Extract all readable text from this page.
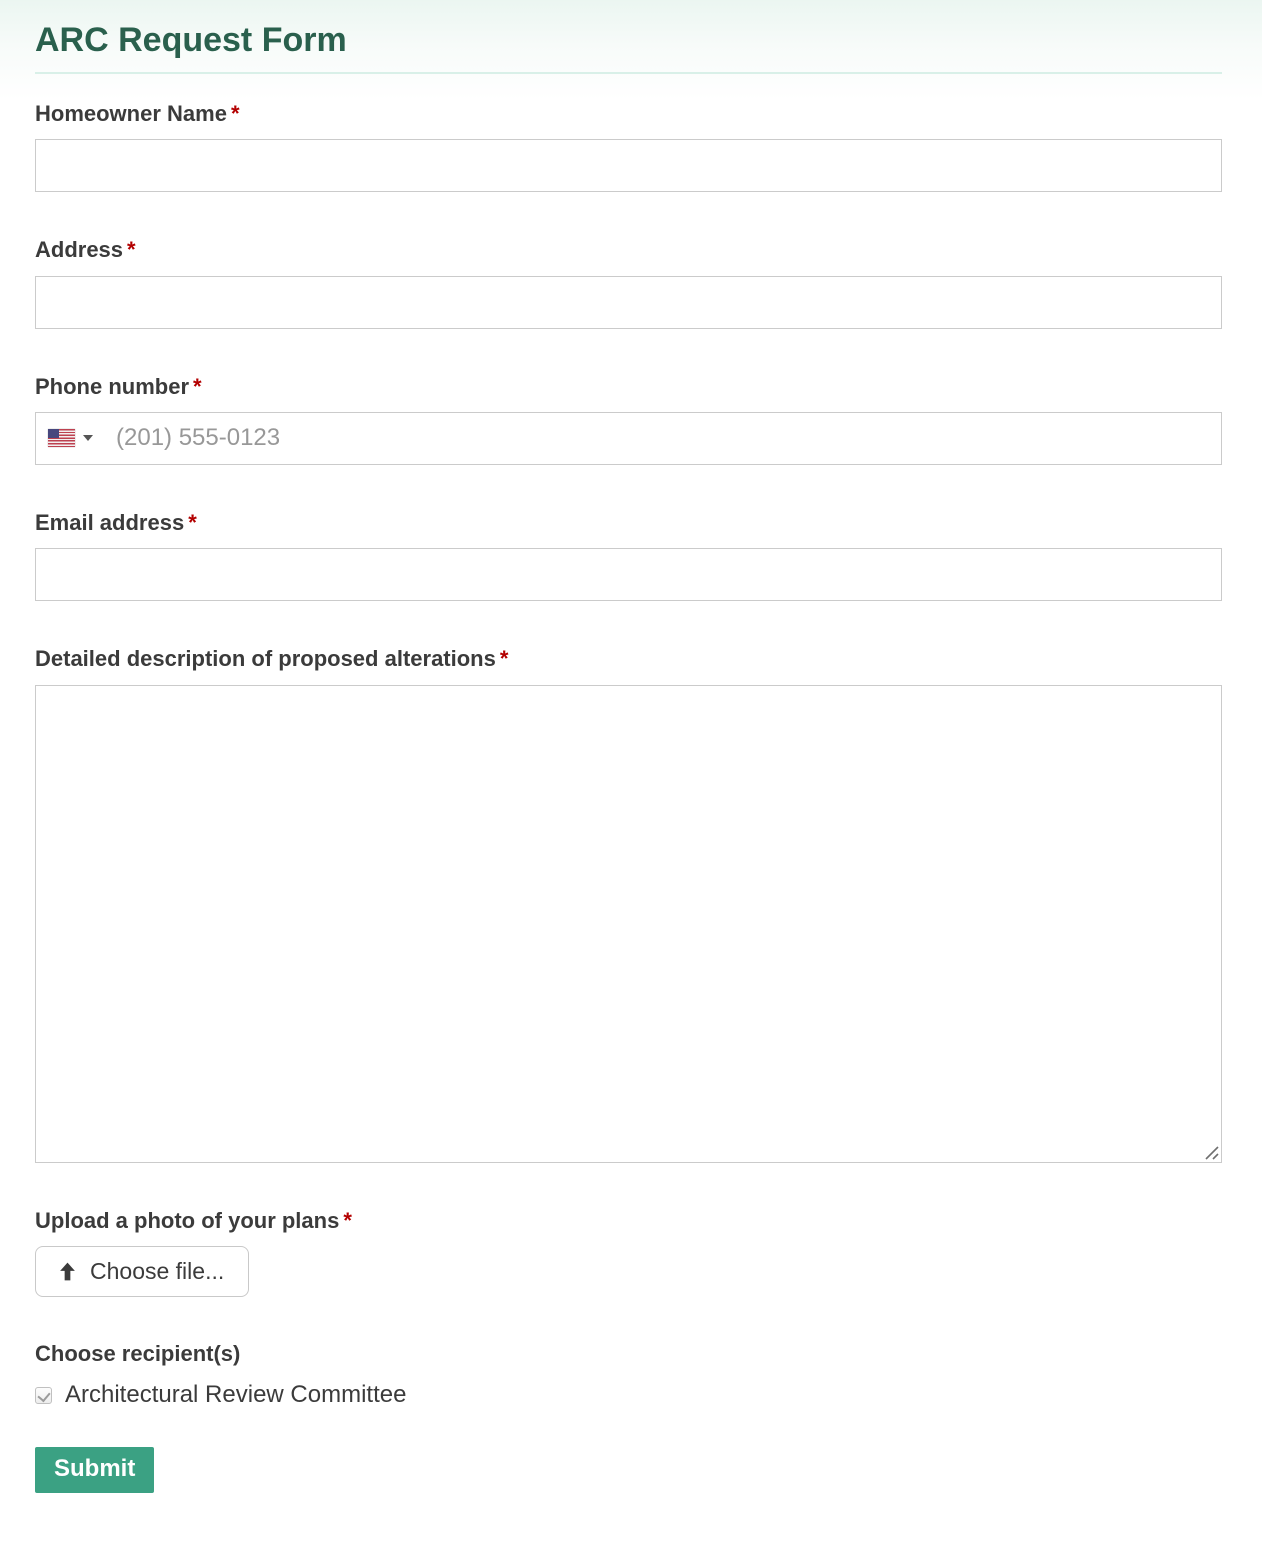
ARC Request Form
Homeowner Name *
Address *
Phone number *
(201) 555-0123
Email address *
Detailed description of proposed alterations *
Upload a photo of your plans *
Choose file...
Choose recipient(s)
Architectural Review Committee
Submit
